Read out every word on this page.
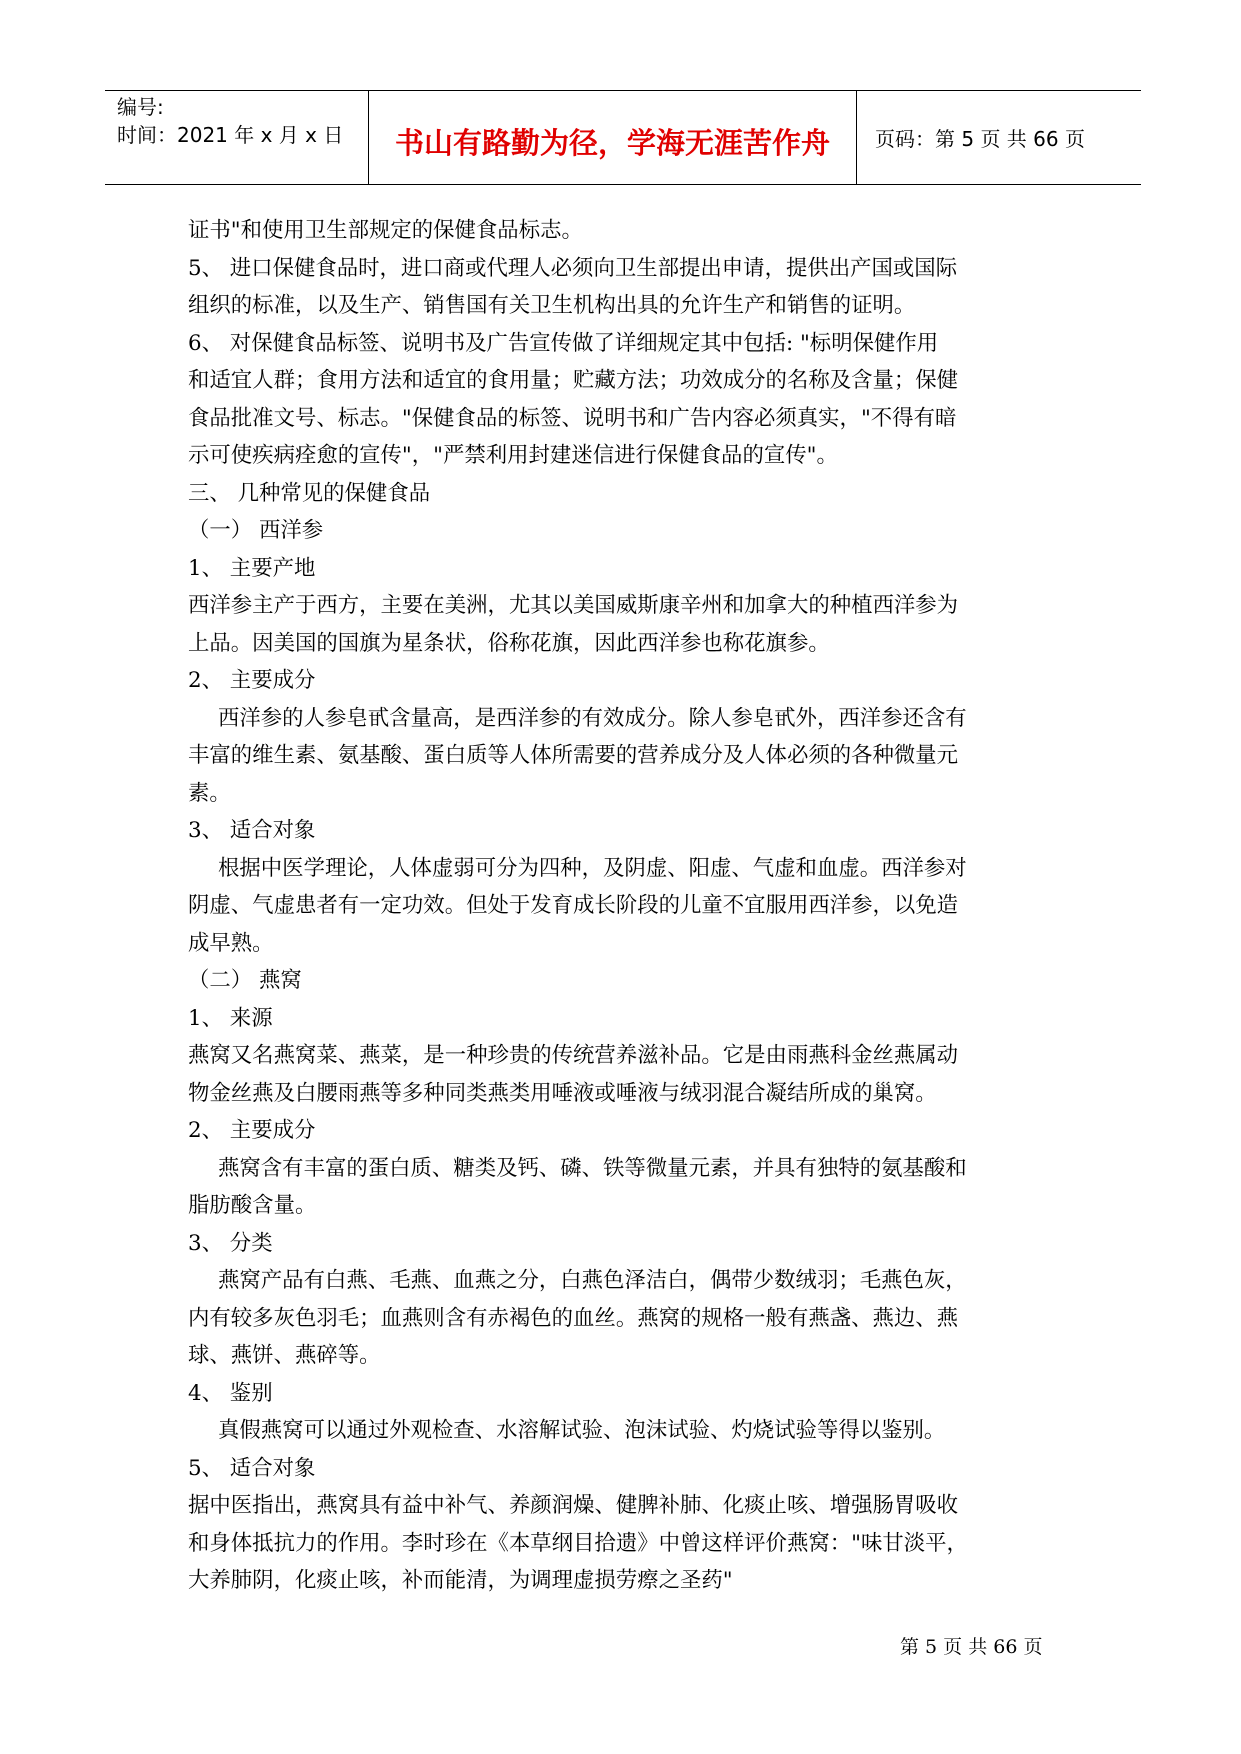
编号:
时间：2021 年 x 月 x 日	书山有路勤为径，学海无涯苦作舟	页码：第 5 页 共 66 页
证书"和使用卫生部规定的保健食品标志。
5、 进口保健食品时，进口商或代理人必须向卫生部提出申请，提供出产国或国际
组织的标准，以及生产、销售国有关卫生机构出具的允许生产和销售的证明。
6、 对保健食品标签、说明书及广告宣传做了详细规定其中包括: "标明保健作用
和适宜人群；食用方法和适宜的食用量；贮藏方法；功效成分的名称及含量；保健
食品批准文号、标志。"保健食品的标签、说明书和广告内容必须真实，"不得有暗
示可使疾病痊愈的宣传"，"严禁利用封建迷信进行保健食品的宣传"。
三、 几种常见的保健食品
（一） 西洋参
1、 主要产地
西洋参主产于西方，主要在美洲，尤其以美国威斯康辛州和加拿大的种植西洋参为
上品。因美国的国旗为星条状，俗称花旗，因此西洋参也称花旗参。
2、 主要成分
西洋参的人参皂甙含量高，是西洋参的有效成分。除人参皂甙外，西洋参还含有
丰富的维生素、氨基酸、蛋白质等人体所需要的营养成分及人体必须的各种微量元
素。
3、 适合对象
根据中医学理论，人体虚弱可分为四种，及阴虚、阳虚、气虚和血虚。西洋参对
阴虚、气虚患者有一定功效。但处于发育成长阶段的儿童不宜服用西洋参，以免造
成早熟。
（二） 燕窝
1、 来源
燕窝又名燕窝菜、燕菜，是一种珍贵的传统营养滋补品。它是由雨燕科金丝燕属动
物金丝燕及白腰雨燕等多种同类燕类用唾液或唾液与绒羽混合凝结所成的巢窝。
2、 主要成分
燕窝含有丰富的蛋白质、糖类及钙、磷、铁等微量元素，并具有独特的氨基酸和
脂肪酸含量。
3、 分类
燕窝产品有白燕、毛燕、血燕之分，白燕色泽洁白，偶带少数绒羽；毛燕色灰，
内有较多灰色羽毛；血燕则含有赤褐色的血丝。燕窝的规格一般有燕盏、燕边、燕
球、燕饼、燕碎等。
4、 鉴别
真假燕窝可以通过外观检查、水溶解试验、泡沫试验、灼烧试验等得以鉴别。
5、 适合对象
据中医指出，燕窝具有益中补气、养颜润燥、健脾补肺、化痰止咳、增强肠胃吸收
和身体抵抗力的作用。李时珍在《本草纲目拾遗》中曾这样评价燕窝："味甘淡平，
大养肺阴，化痰止咳，补而能清，为调理虚损劳瘵之圣药"
第 5 页 共 66 页
